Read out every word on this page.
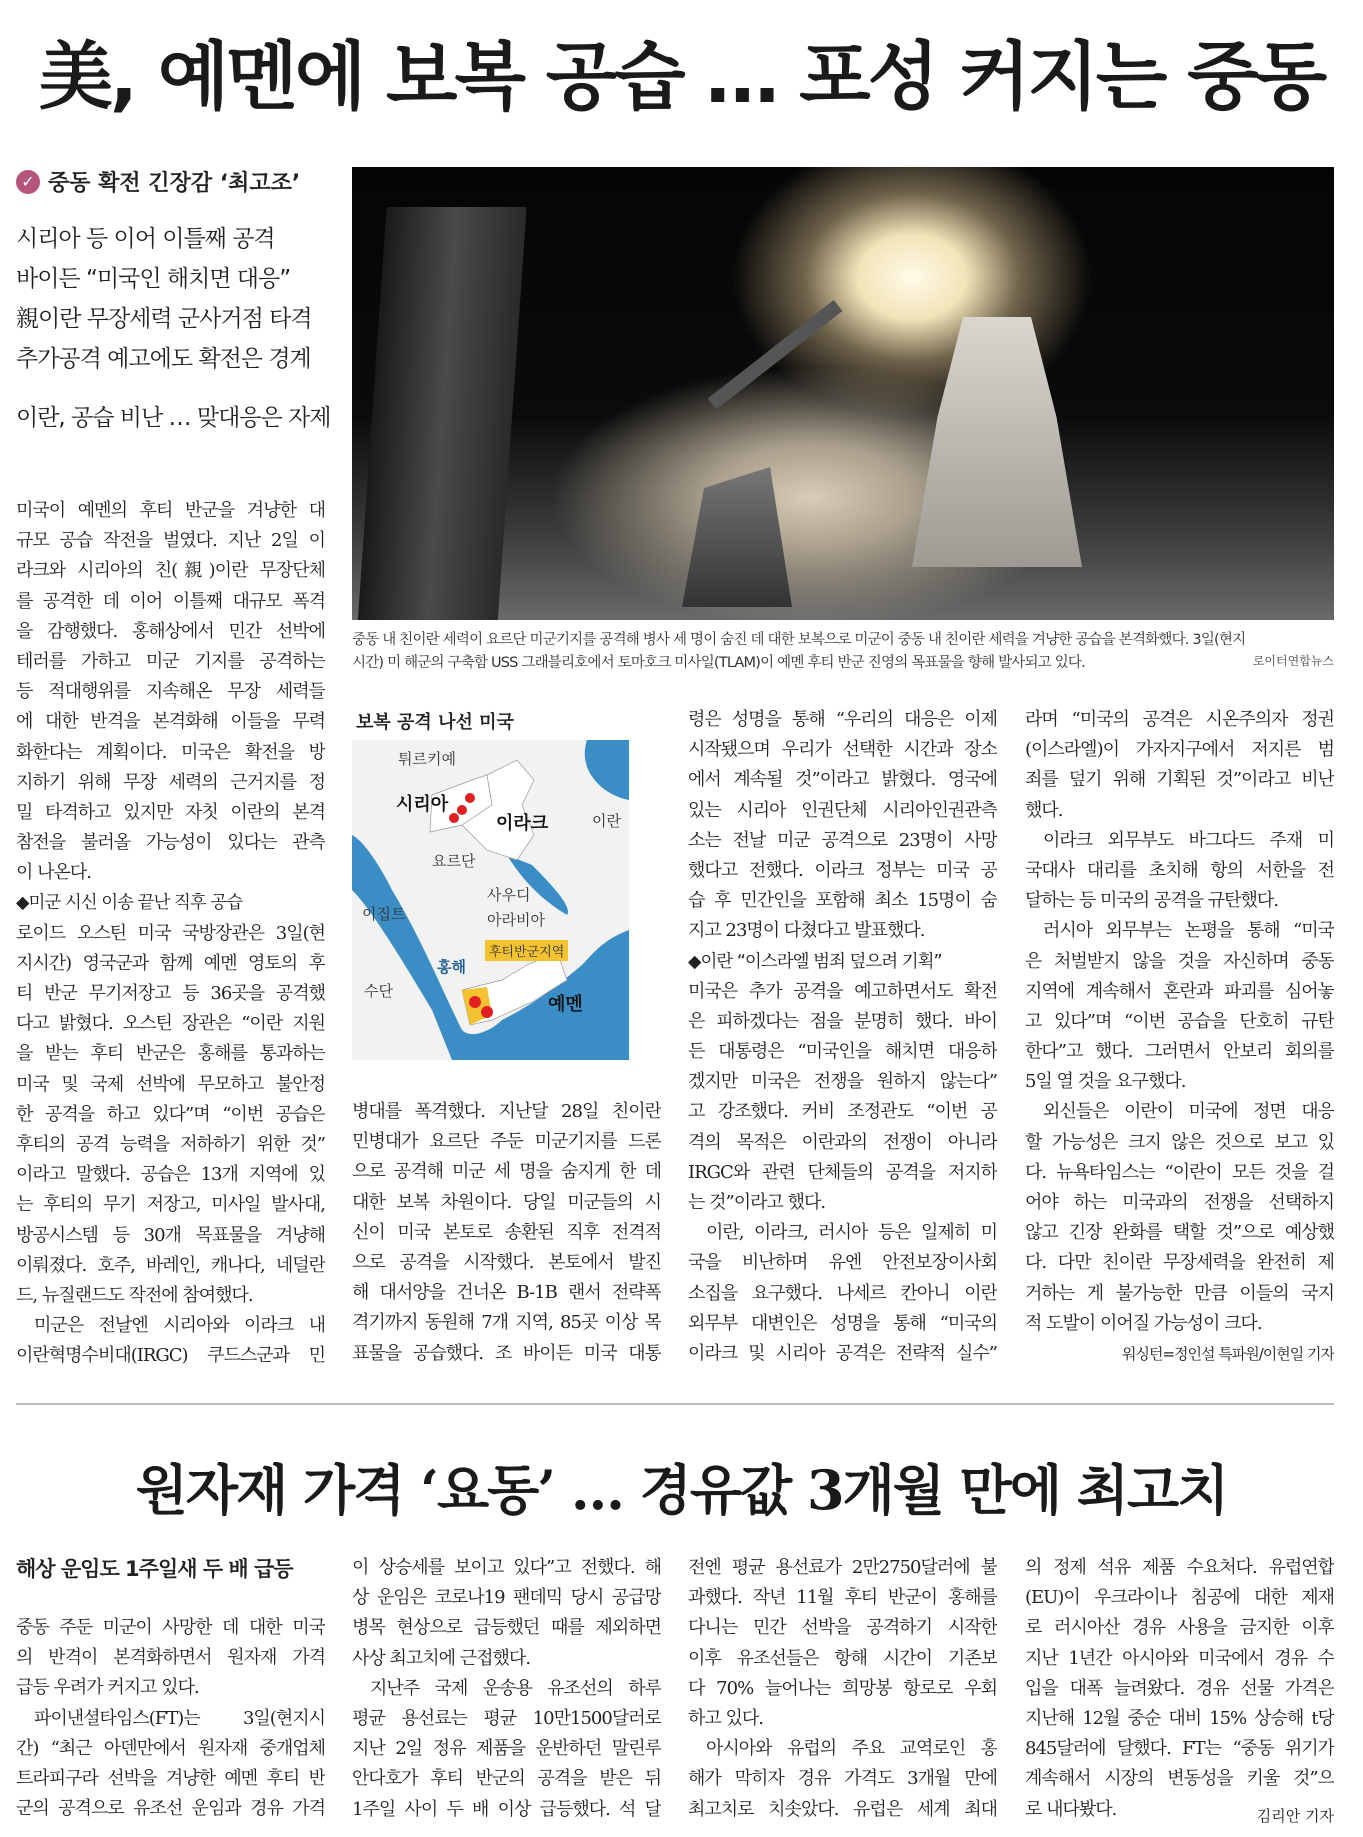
美, 예멘에 보복 공습 … 포성 커지는 중동
✓ 중동 확전 긴장감 ‘최고조’
시리아 등 이어 이틀째 공격
바이든 “미국인 해치면 대응”
親이란 무장세력 군사거점 타격
추가공격 예고에도 확전은 경계
이란, 공습 비난 … 맞대응은 자제
중동 내 친이란 세력이 요르단 미군기지를 공격해 병사 세 명이 숨진 데 대한 보복으로 미군이 중동 내 친이란 세력을 겨냥한 공습을 본격화했다. 3일(현지
시간) 미 해군의 구축함 USS 그래블리호에서 토마호크 미사일(TLAM)이 예멘 후티 반군 진영의 목표물을 향해 발사되고 있다.	로이터연합뉴스
보복 공격 나선 미국
튀르키예
시리아
이라크	이란
요르단
사우디
아라비아
이집트
후티반군지역
홍해
수단
예멘
미국이 예멘의 후티 반군을 겨냥한 대
규모 공습 작전을 벌였다. 지난 2일 이
라크와 시리아의 친(親)이란 무장단체
를 공격한 데 이어 이틀째 대규모 폭격
을 감행했다. 홍해상에서 민간 선박에
테러를 가하고 미군 기지를 공격하는
등 적대행위를 지속해온 무장 세력들
에 대한 반격을 본격화해 이들을 무력
화한다는 계획이다. 미국은 확전을 방
지하기 위해 무장 세력의 근거지를 정
밀 타격하고 있지만 자칫 이란의 본격
참전을 불러올 가능성이 있다는 관측
이 나온다.
◆미군 시신 이송 끝난 직후 공습
로이드 오스틴 미국 국방장관은 3일(현
지시간) 영국군과 함께 예멘 영토의 후
티 반군 무기저장고 등 36곳을 공격했
다고 밝혔다. 오스틴 장관은 “이란 지원
을 받는 후티 반군은 홍해를 통과하는
미국 및 국제 선박에 무모하고 불안정
한 공격을 하고 있다”며 “이번 공습은
후티의 공격 능력을 저하하기 위한 것”
이라고 말했다. 공습은 13개 지역에 있
는 후티의 무기 저장고, 미사일 발사대,
방공시스템 등 30개 목표물을 겨냥해
이뤄졌다. 호주, 바레인, 캐나다, 네덜란
드, 뉴질랜드도 작전에 참여했다.
미군은 전날엔 시리아와 이라크 내
이란혁명수비대(IRGC) 쿠드스군과 민
병대를 폭격했다. 지난달 28일 친이란
민병대가 요르단 주둔 미군기지를 드론
으로 공격해 미군 세 명을 숨지게 한 데
대한 보복 차원이다. 당일 미군들의 시
신이 미국 본토로 송환된 직후 전격적
으로 공격을 시작했다. 본토에서 발진
해 대서양을 건너온 B-1B 랜서 전략폭
격기까지 동원해 7개 지역, 85곳 이상 목
표물을 공습했다. 조 바이든 미국 대통
령은 성명을 통해 “우리의 대응은 이제
시작됐으며 우리가 선택한 시간과 장소
에서 계속될 것”이라고 밝혔다. 영국에
있는 시리아 인권단체 시리아인권관측
소는 전날 미군 공격으로 23명이 사망
했다고 전했다. 이라크 정부는 미국 공
습 후 민간인을 포함해 최소 15명이 숨
지고 23명이 다쳤다고 발표했다.
◆이란 “이스라엘 범죄 덮으려 기획”
미국은 추가 공격을 예고하면서도 확전
은 피하겠다는 점을 분명히 했다. 바이
든 대통령은 “미국인을 해치면 대응하
겠지만 미국은 전쟁을 원하지 않는다”
고 강조했다. 커비 조정관도 “이번 공
격의 목적은 이란과의 전쟁이 아니라
IRGC와 관련 단체들의 공격을 저지하
는 것”이라고 했다.
이란, 이라크, 러시아 등은 일제히 미
국을 비난하며 유엔 안전보장이사회
소집을 요구했다. 나세르 칸아니 이란
외무부 대변인은 성명을 통해 “미국의
이라크 및 시리아 공격은 전략적 실수”
라며 “미국의 공격은 시온주의자 정권
(이스라엘)이 가자지구에서 저지른 범
죄를 덮기 위해 기획된 것”이라고 비난
했다.
이라크 외무부도 바그다드 주재 미
국대사 대리를 초치해 항의 서한을 전
달하는 등 미국의 공격을 규탄했다.
러시아 외무부는 논평을 통해 “미국
은 처벌받지 않을 것을 자신하며 중동
지역에 계속해서 혼란과 파괴를 심어놓
고 있다”며 “이번 공습을 단호히 규탄
한다”고 했다. 그러면서 안보리 회의를
5일 열 것을 요구했다.
외신들은 이란이 미국에 정면 대응
할 가능성은 크지 않은 것으로 보고 있
다. 뉴욕타임스는 “이란이 모든 것을 걸
어야 하는 미국과의 전쟁을 선택하지
않고 긴장 완화를 택할 것”으로 예상했
다. 다만 친이란 무장세력을 완전히 제
거하는 게 불가능한 만큼 이들의 국지
적 도발이 이어질 가능성이 크다.
워싱턴=정인설 특파원/이현일 기자
원자재 가격 ‘요동’ … 경유값 3개월 만에 최고치
해상 운임도 1주일새 두 배 급등
중동 주둔 미군이 사망한 데 대한 미국
의 반격이 본격화하면서 원자재 가격
급등 우려가 커지고 있다.
파이낸셜타임스(FT)는 3일(현지시
간) “최근 아덴만에서 원자재 중개업체
트라피구라 선박을 겨냥한 예멘 후티 반
군의 공격으로 유조선 운임과 경유 가격
이 상승세를 보이고 있다”고 전했다. 해
상 운임은 코로나19 팬데믹 당시 공급망
병목 현상으로 급등했던 때를 제외하면
사상 최고치에 근접했다.
지난주 국제 운송용 유조선의 하루
평균 용선료는 평균 10만1500달러로
지난 2일 정유 제품을 운반하던 말린루
안다호가 후티 반군의 공격을 받은 뒤
1주일 사이 두 배 이상 급등했다. 석 달
전엔 평균 용선료가 2만2750달러에 불
과했다. 작년 11월 후티 반군이 홍해를
다니는 민간 선박을 공격하기 시작한
이후 유조선들은 항해 시간이 기존보
다 70% 늘어나는 희망봉 항로로 우회
하고 있다.
아시아와 유럽의 주요 교역로인 홍
해가 막히자 경유 가격도 3개월 만에
최고치로 치솟았다. 유럽은 세계 최대
의 정제 석유 제품 수요처다. 유럽연합
(EU)이 우크라이나 침공에 대한 제재
로 러시아산 경유 사용을 금지한 이후
지난 1년간 아시아와 미국에서 경유 수
입을 대폭 늘려왔다. 경유 선물 가격은
지난해 12월 중순 대비 15% 상승해 t당
845달러에 달했다. FT는 “중동 위기가
계속해서 시장의 변동성을 키울 것”으
로 내다봤다.	김리안 기자
